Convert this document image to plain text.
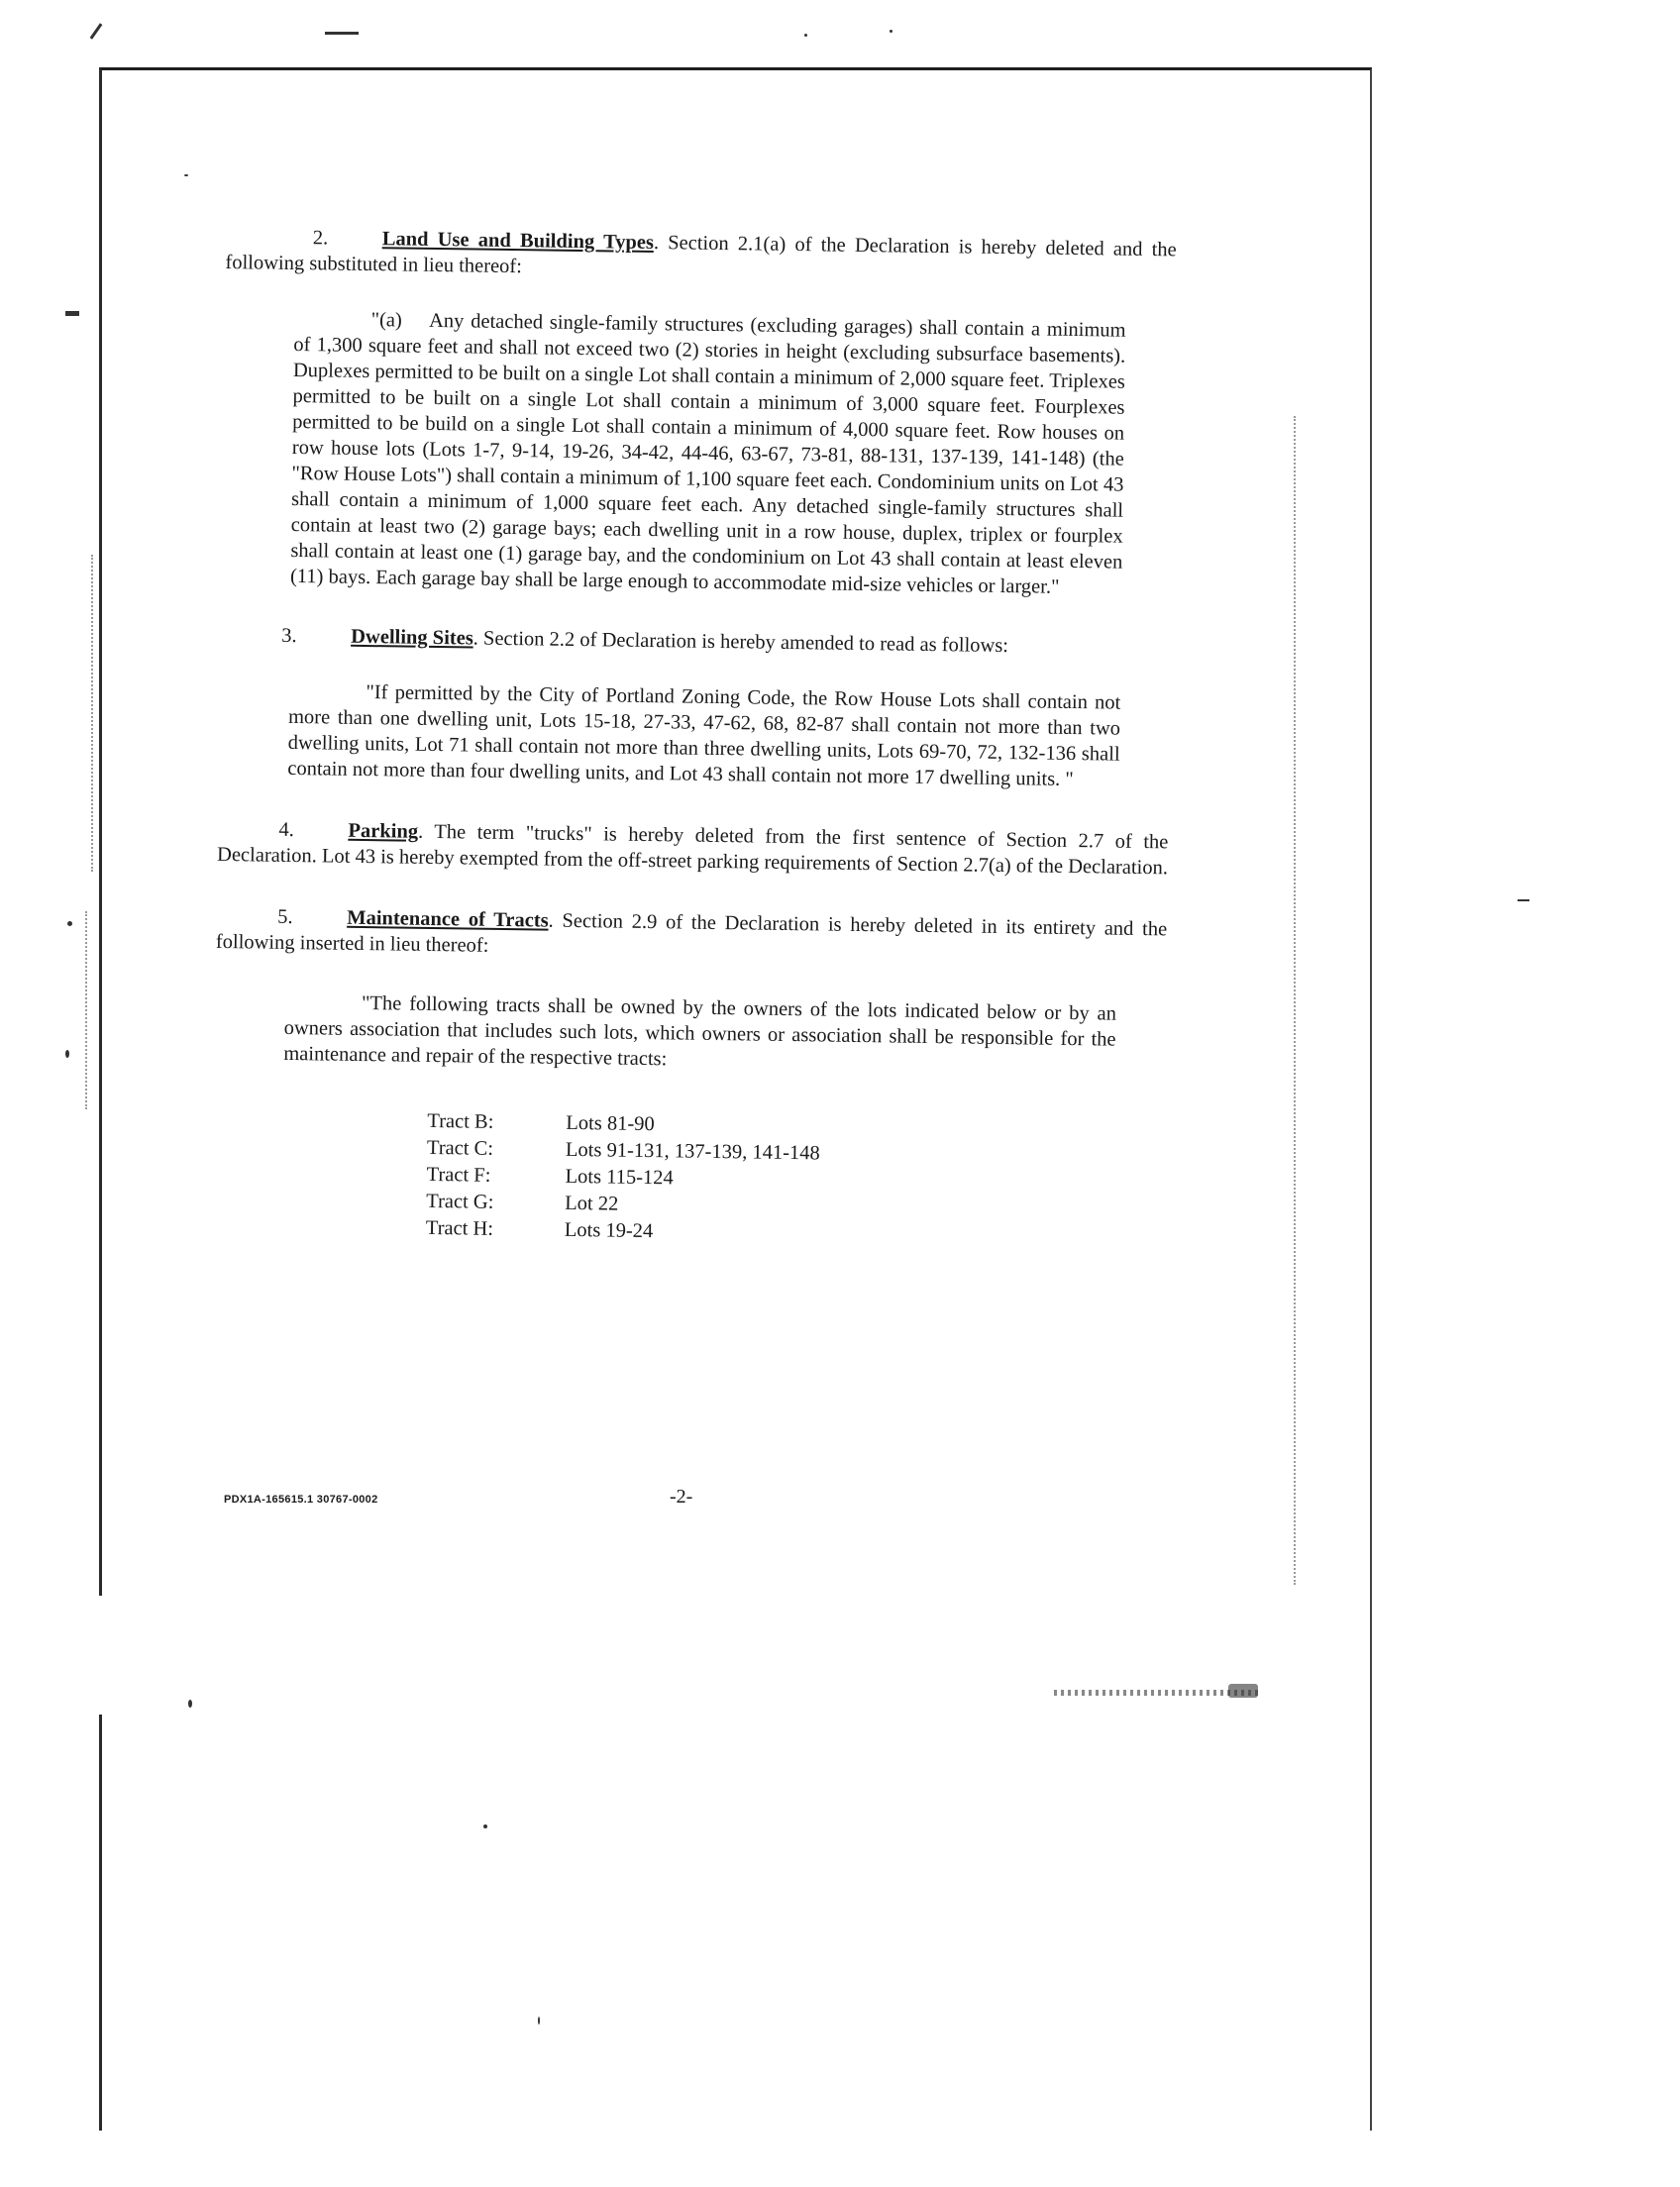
2.	Land Use and Building Types. Section 2.1(a) of the Declaration is hereby deleted and the following substituted in lieu thereof:

"(a) Any detached single-family structures (excluding garages) shall contain a minimum of 1,300 square feet and shall not exceed two (2) stories in height (excluding subsurface basements). Duplexes permitted to be built on a single Lot shall contain a minimum of 2,000 square feet. Triplexes permitted to be built on a single Lot shall contain a minimum of 3,000 square feet. Fourplexes permitted to be build on a single Lot shall contain a minimum of 4,000 square feet. Row houses on row house lots (Lots 1-7, 9-14, 19-26, 34-42, 44-46, 63-67, 73-81, 88-131, 137-139, 141-148) (the "Row House Lots") shall contain a minimum of 1,100 square feet each. Condominium units on Lot 43 shall contain a minimum of 1,000 square feet each. Any detached single-family structures shall contain at least two (2) garage bays; each dwelling unit in a row house, duplex, triplex or fourplex shall contain at least one (1) garage bay, and the condominium on Lot 43 shall contain at least eleven (11) bays. Each garage bay shall be large enough to accommodate mid-size vehicles or larger."

3.	Dwelling Sites. Section 2.2 of Declaration is hereby amended to read as follows:

"If permitted by the City of Portland Zoning Code, the Row House Lots shall contain not more than one dwelling unit, Lots 15-18, 27-33, 47-62, 68, 82-87 shall contain not more than two dwelling units, Lot 71 shall contain not more than three dwelling units, Lots 69-70, 72, 132-136 shall contain not more than four dwelling units, and Lot 43 shall contain not more 17 dwelling units. "

4.	Parking. The term "trucks" is hereby deleted from the first sentence of Section 2.7 of the Declaration. Lot 43 is hereby exempted from the off-street parking requirements of Section 2.7(a) of the Declaration.

5.	Maintenance of Tracts. Section 2.9 of the Declaration is hereby deleted in its entirety and the following inserted in lieu thereof:

"The following tracts shall be owned by the owners of the lots indicated below or by an owners association that includes such lots, which owners or association shall be responsible for the maintenance and repair of the respective tracts:

Tract B:	Lots 81-90
Tract C:	Lots 91-131, 137-139, 141-148
Tract F:	Lots 115-124
Tract G:	Lot 22
Tract H:	Lots 19-24
PDX1A-165615.1 30767-0002	-2-
